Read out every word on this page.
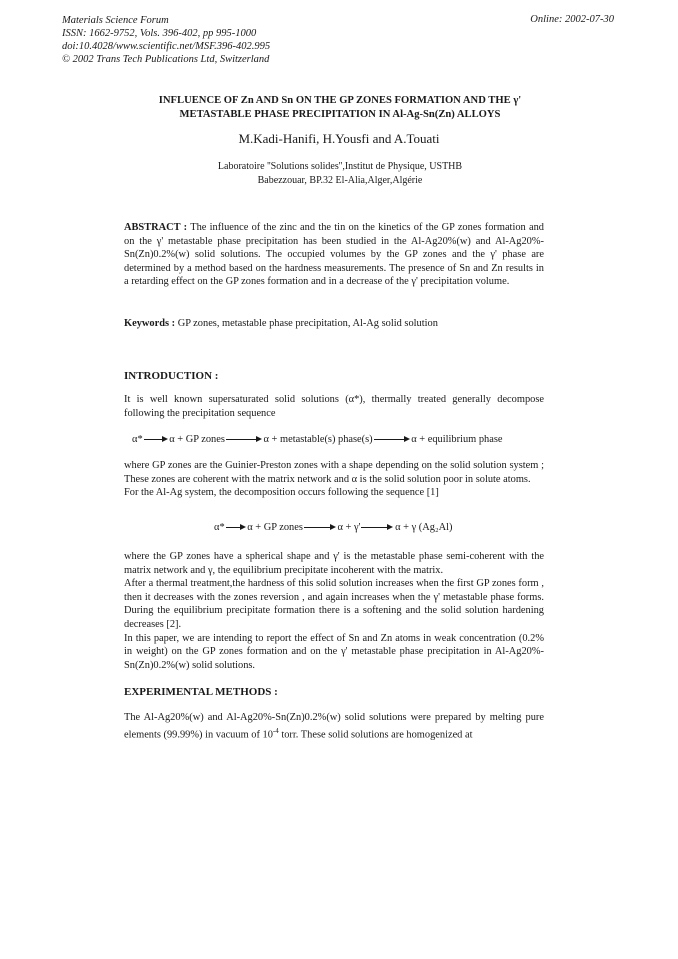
Materials Science Forum
ISSN: 1662-9752, Vols. 396-402, pp 995-1000
doi:10.4028/www.scientific.net/MSF.396-402.995
© 2002 Trans Tech Publications Ltd, Switzerland
Online: 2002-07-30
INFLUENCE OF Zn AND Sn ON THE GP ZONES FORMATION AND THE γ'
METASTABLE PHASE PRECIPITATION IN Al-Ag-Sn(Zn) ALLOYS
M.Kadi-Hanifi, H.Yousfi and A.Touati
Laboratoire ''Solutions solides'',Institut de Physique, USTHB
Babezzouar, BP.32 El-Alia,Alger,Algérie
ABSTRACT : The influence of the zinc and the tin on the kinetics of the GP zones formation and on the γ' metastable phase precipitation has been studied in the Al-Ag20%(w) and Al-Ag20%-Sn(Zn)0.2%(w) solid solutions. The occupied volumes by the GP zones and the γ' phase are determined by a method based on the hardness measurements. The presence of Sn and Zn results in a retarding effect on the GP zones formation and in a decrease of the γ' precipitation volume.
Keywords : GP zones, metastable phase precipitation, Al-Ag solid solution
INTRODUCTION :
It is well known supersaturated solid solutions (α*), thermally treated generally decompose following the precipitation sequence
α*	α + GP zones	α + metastable(s) phase(s)	α + equilibrium phase
where GP zones are the Guinier-Preston zones with a shape depending on the solid solution system ; These zones are coherent with the matrix network and α is the solid solution poor in solute atoms.
For the Al-Ag system, the decomposition occurs following the sequence [1]
α* α + GP zones	α + γ'	α + γ (Ag₂Al)
where the GP zones have a spherical shape and γ' is the metastable phase semi-coherent with the matrix network and γ, the equilibrium precipitate incoherent with the matrix.
After a thermal treatment,the hardness of this solid solution increases when the first GP zones form , then it decreases with the zones reversion , and again increases when the γ' metastable phase forms. During the equilibrium precipitate formation there is a softening and the solid solution hardening decreases [2].
In this paper, we are intending to report the effect of Sn and Zn atoms in weak concentration (0.2% in weight) on the GP zones formation and on the γ' metastable phase precipitation in Al-Ag20%-Sn(Zn)0.2%(w) solid solutions.
EXPERIMENTAL METHODS :
The Al-Ag20%(w) and Al-Ag20%-Sn(Zn)0.2%(w) solid solutions were prepared by melting pure elements (99.99%) in vacuum of $10^{-4}$ torr. These solid solutions are homogenized at
